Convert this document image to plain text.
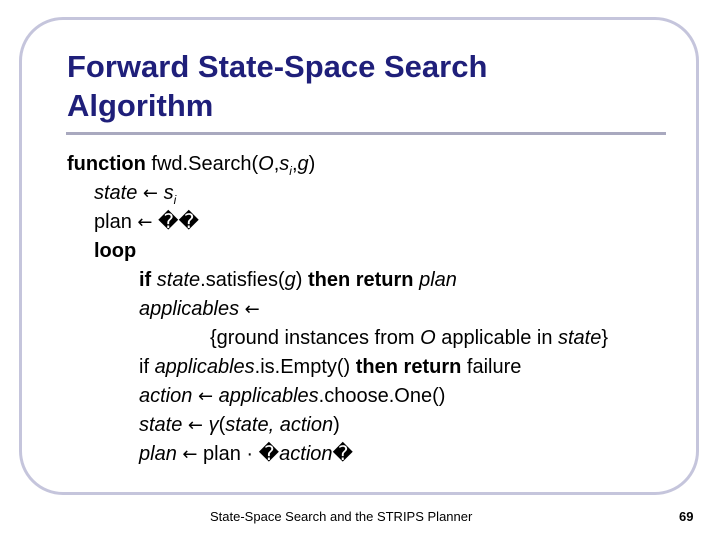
Forward State-Space Search
Algorithm
function $fwd.Search(O,s_i,g)$
state ← $s_i$
plan ← ��
loop
if state.satisfies(g) then return plan
applicables ←
{ground instances from O applicable in state}
if applicables.is.Empty() then return failure
action ← applicables.choose.One()
state ← γ(state, action)
plan ← plan · �action�
State-Space Search and the STRIPS Planner	69
